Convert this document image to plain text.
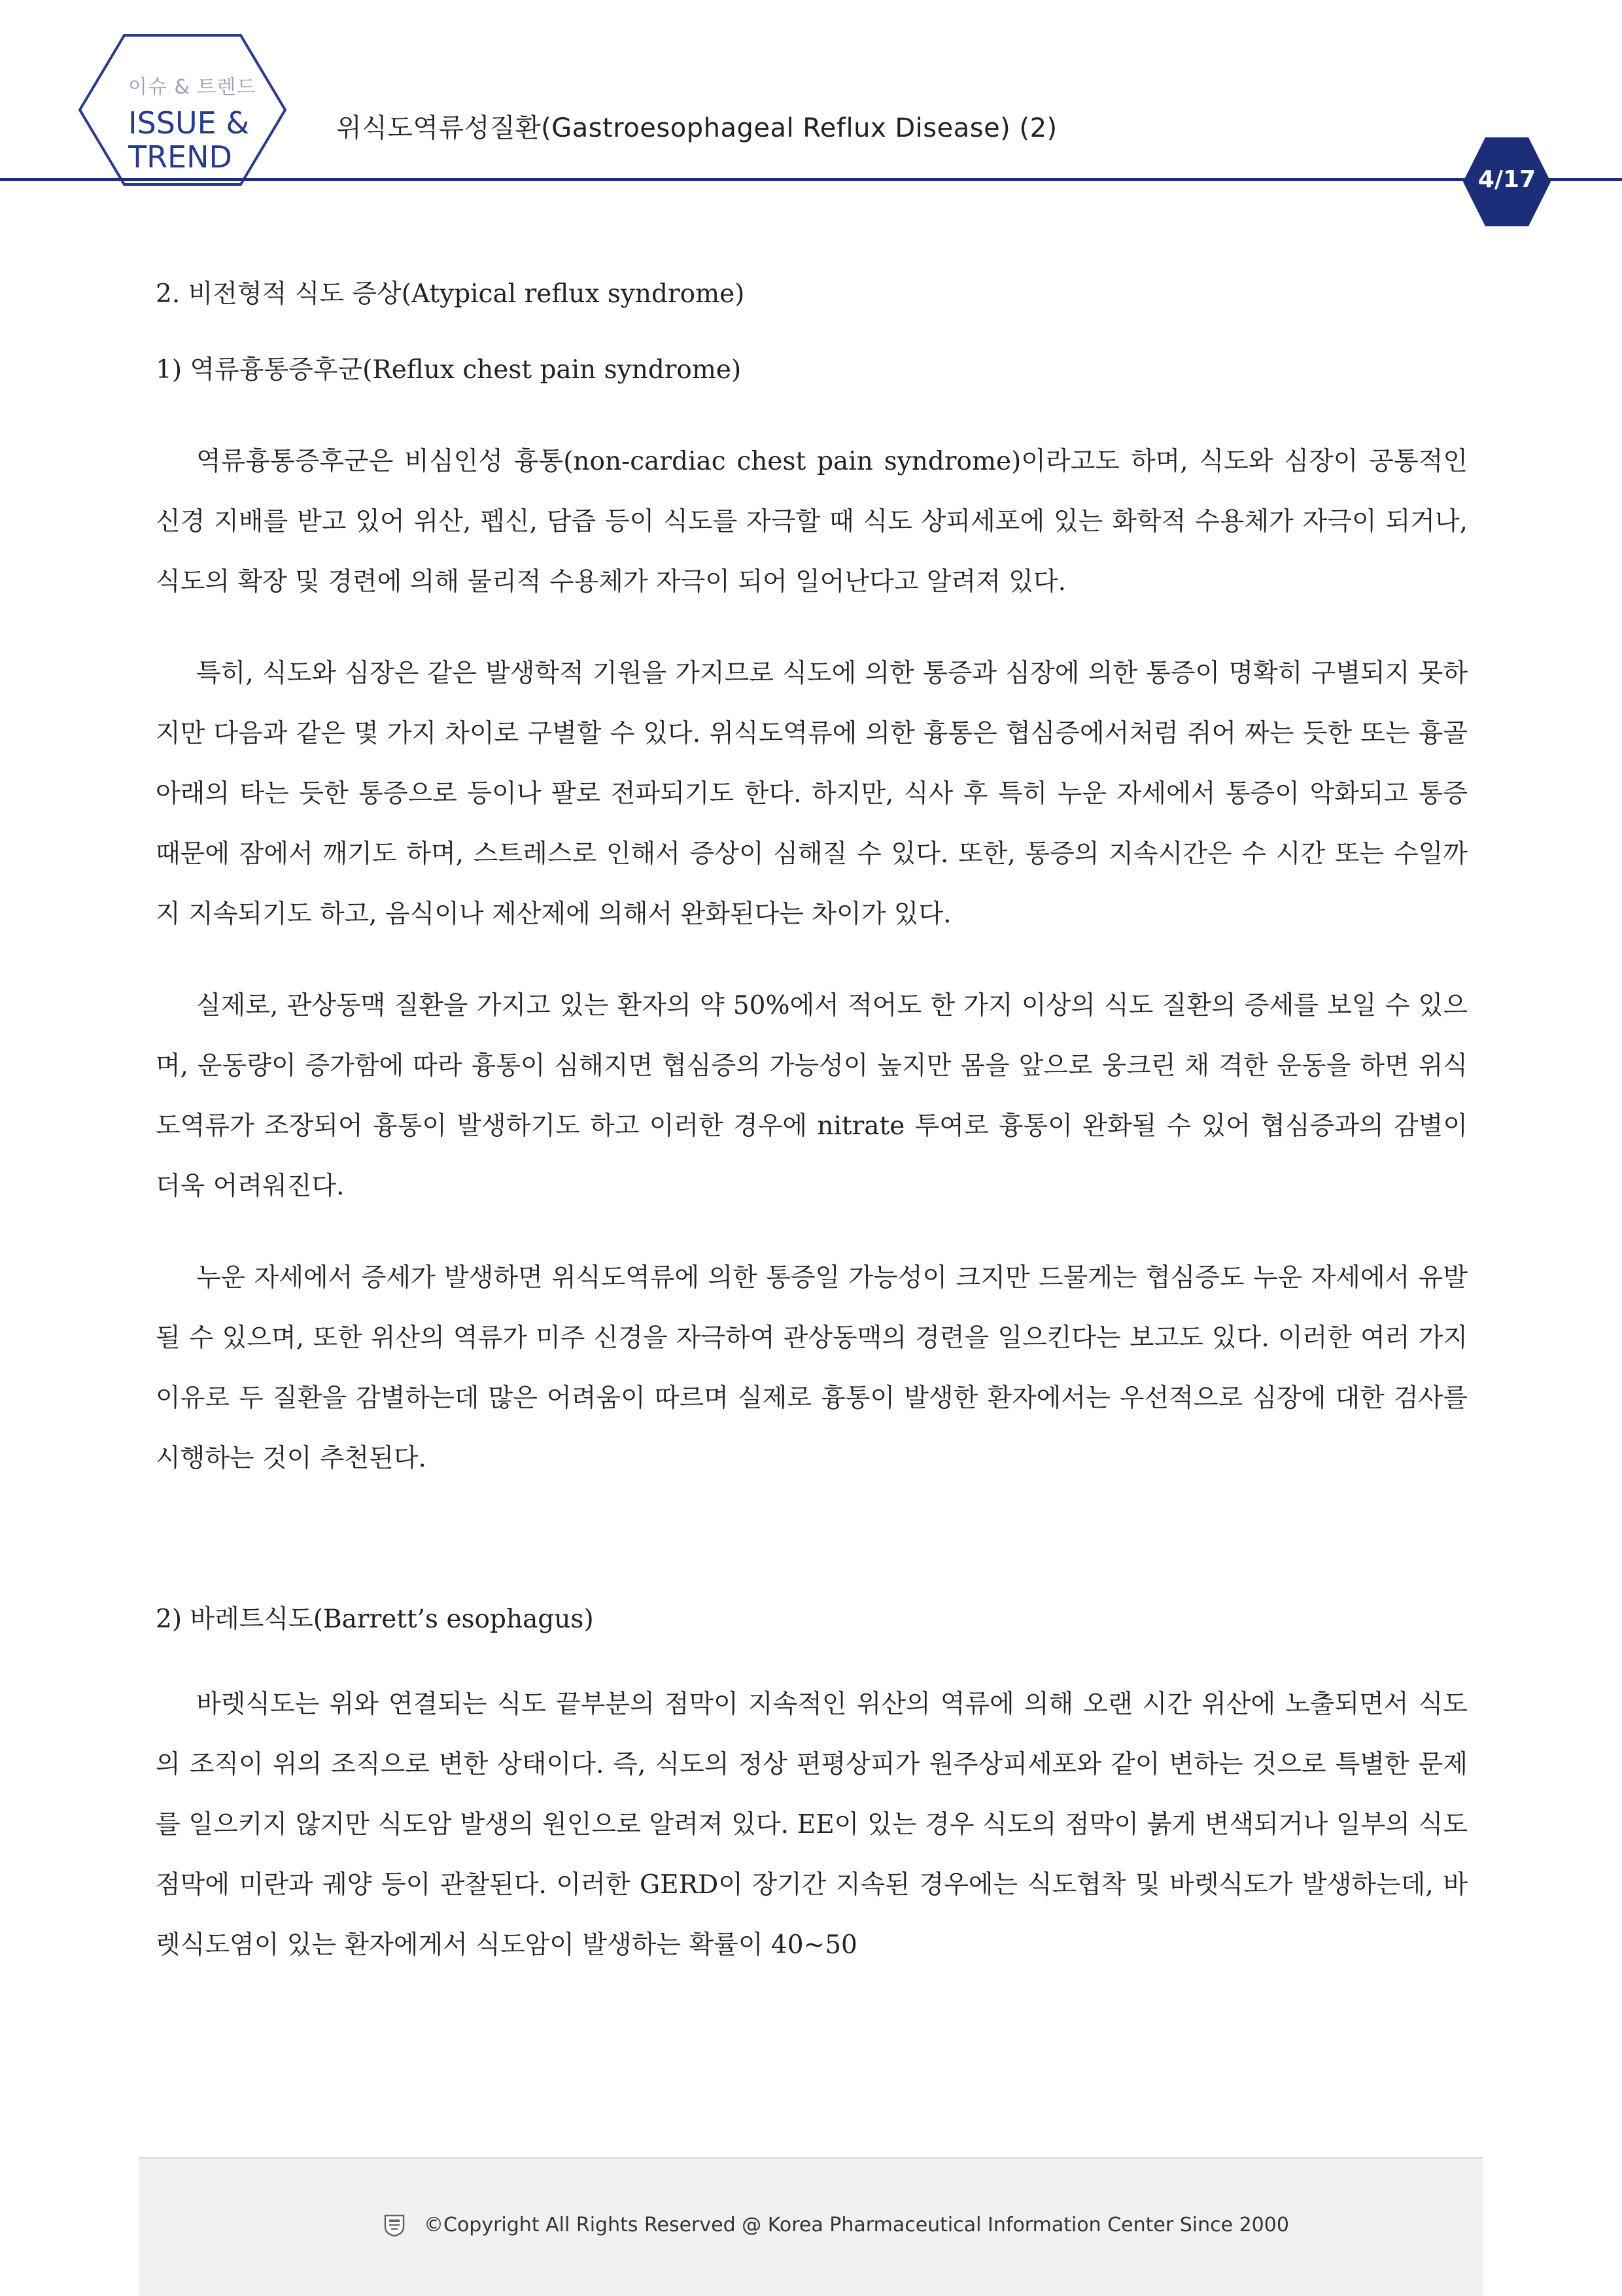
이슈 & 트렌드
ISSUE &
TREND
위식도역류성질환(Gastroesophageal Reflux Disease) (2)
4/17

2. 비전형적 식도 증상(Atypical reflux syndrome)

1) 역류흉통증후군(Reflux chest pain syndrome)

역류흉통증후군은 비심인성 흉통(non-cardiac chest pain syndrome)이라고도 하며, 식도와 심장이 공통적인 신경 지배를 받고 있어 위산, 펩신, 담즙 등이 식도를 자극할 때 식도 상피세포에 있는 화학적 수용체가 자극이 되거나, 식도의 확장 및 경련에 의해 물리적 수용체가 자극이 되어 일어난다고 알려져 있다.

특히, 식도와 심장은 같은 발생학적 기원을 가지므로 식도에 의한 통증과 심장에 의한 통증이 명확히 구별되지 못하지만 다음과 같은 몇 가지 차이로 구별할 수 있다. 위식도역류에 의한 흉통은 협심증에서처럼 쥐어 짜는 듯한 또는 흉골 아래의 타는 듯한 통증으로 등이나 팔로 전파되기도 한다. 하지만, 식사 후 특히 누운 자세에서 통증이 악화되고 통증 때문에 잠에서 깨기도 하며, 스트레스로 인해서 증상이 심해질 수 있다. 또한, 통증의 지속시간은 수 시간 또는 수일까지 지속되기도 하고, 음식이나 제산제에 의해서 완화된다는 차이가 있다.

실제로, 관상동맥 질환을 가지고 있는 환자의 약 50%에서 적어도 한 가지 이상의 식도 질환의 증세를 보일 수 있으며, 운동량이 증가함에 따라 흉통이 심해지면 협심증의 가능성이 높지만 몸을 앞으로 웅크린 채 격한 운동을 하면 위식도역류가 조장되어 흉통이 발생하기도 하고 이러한 경우에 nitrate 투여로 흉통이 완화될 수 있어 협심증과의 감별이 더욱 어려워진다.

누운 자세에서 증세가 발생하면 위식도역류에 의한 통증일 가능성이 크지만 드물게는 협심증도 누운 자세에서 유발될 수 있으며, 또한 위산의 역류가 미주 신경을 자극하여 관상동맥의 경련을 일으킨다는 보고도 있다. 이러한 여러 가지 이유로 두 질환을 감별하는데 많은 어려움이 따르며 실제로 흉통이 발생한 환자에서는 우선적으로 심장에 대한 검사를 시행하는 것이 추천된다.

2) 바레트식도(Barrett’s esophagus)

바렛식도는 위와 연결되는 식도 끝부분의 점막이 지속적인 위산의 역류에 의해 오랜 시간 위산에 노출되면서 식도의 조직이 위의 조직으로 변한 상태이다. 즉, 식도의 정상 편평상피가 원주상피세포와 같이 변하는 것으로 특별한 문제를 일으키지 않지만 식도암 발생의 원인으로 알려져 있다. EE이 있는 경우 식도의 점막이 붉게 변색되거나 일부의 식도 점막에 미란과 궤양 등이 관찰된다. 이러한 GERD이 장기간 지속된 경우에는 식도협착 및 바렛식도가 발생하는데, 바렛식도염이 있는 환자에게서 식도암이 발생하는 확률이 40~50

©Copyright All Rights Reserved @ Korea Pharmaceutical Information Center Since 2000
